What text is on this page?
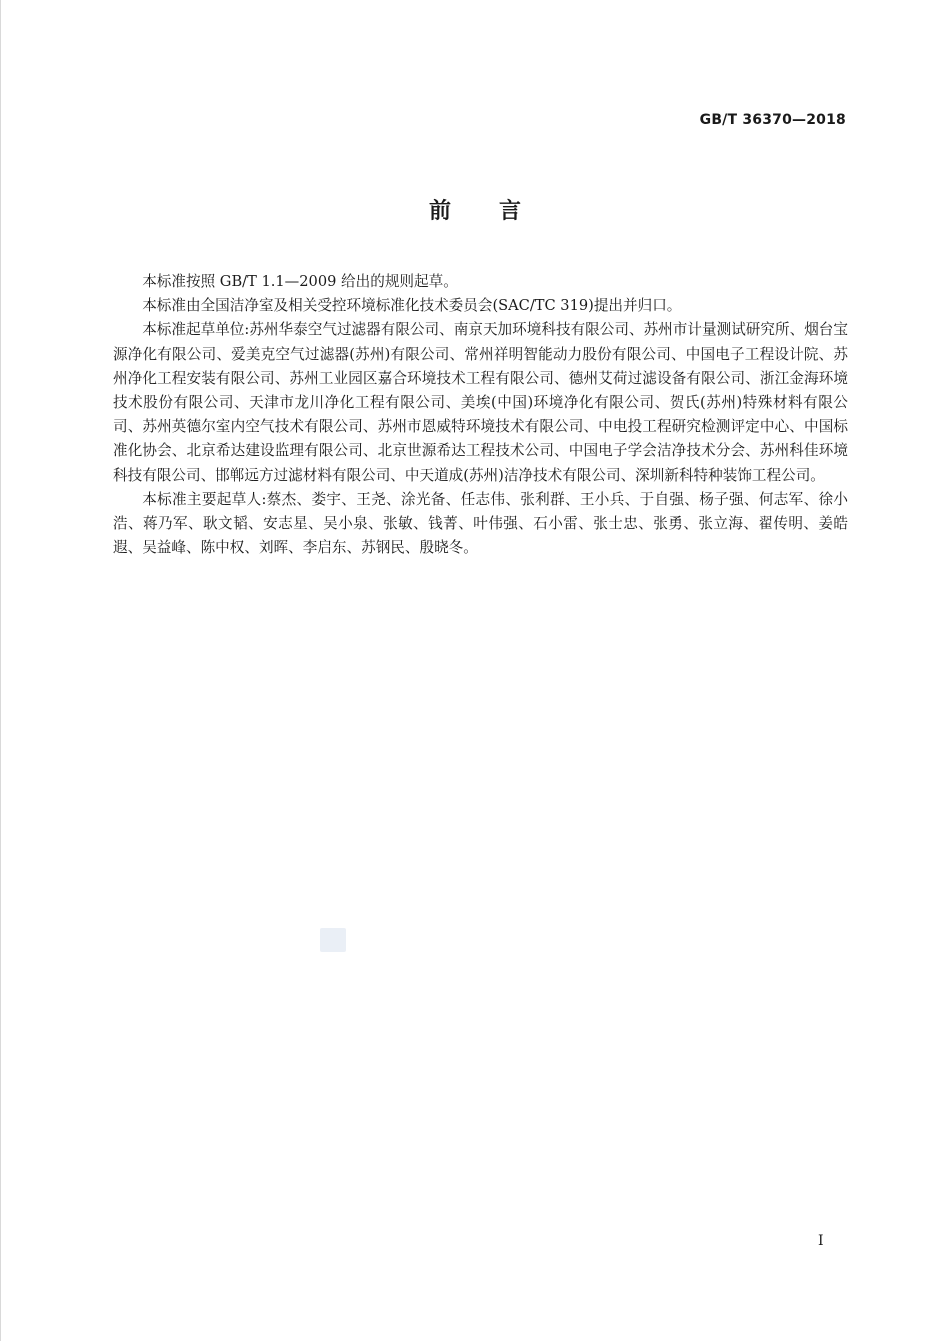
GB/T 36370—2018
前言

本标准按照 GB/T 1.1—2009 给出的规则起草。

本标准由全国洁净室及相关受控环境标准化技术委员会(SAC/TC 319)提出并归口。

本标准起草单位:苏州华泰空气过滤器有限公司、南京天加环境科技有限公司、苏州市计量测试研究所、烟台宝源净化有限公司、爱美克空气过滤器(苏州)有限公司、常州祥明智能动力股份有限公司、中国电子工程设计院、苏州净化工程安装有限公司、苏州工业园区嘉合环境技术工程有限公司、德州艾荷过滤设备有限公司、浙江金海环境技术股份有限公司、天津市龙川净化工程有限公司、美埃(中国)环境净化有限公司、贺氏(苏州)特殊材料有限公司、苏州英德尔室内空气技术有限公司、苏州市恩威特环境技术有限公司、中电投工程研究检测评定中心、中国标准化协会、北京希达建设监理有限公司、北京世源希达工程技术公司、中国电子学会洁净技术分会、苏州科佳环境科技有限公司、邯郸远方过滤材料有限公司、中天道成(苏州)洁净技术有限公司、深圳新科特种装饰工程公司。

本标准主要起草人:蔡杰、娄宇、王尧、涂光备、任志伟、张利群、王小兵、于自强、杨子强、何志军、徐小浩、蒋乃军、耿文韬、安志星、吴小泉、张敏、钱菁、叶伟强、石小雷、张士忠、张勇、张立海、翟传明、姜皓遐、吴益峰、陈中权、刘晖、李启东、苏钢民、殷晓冬。

I
